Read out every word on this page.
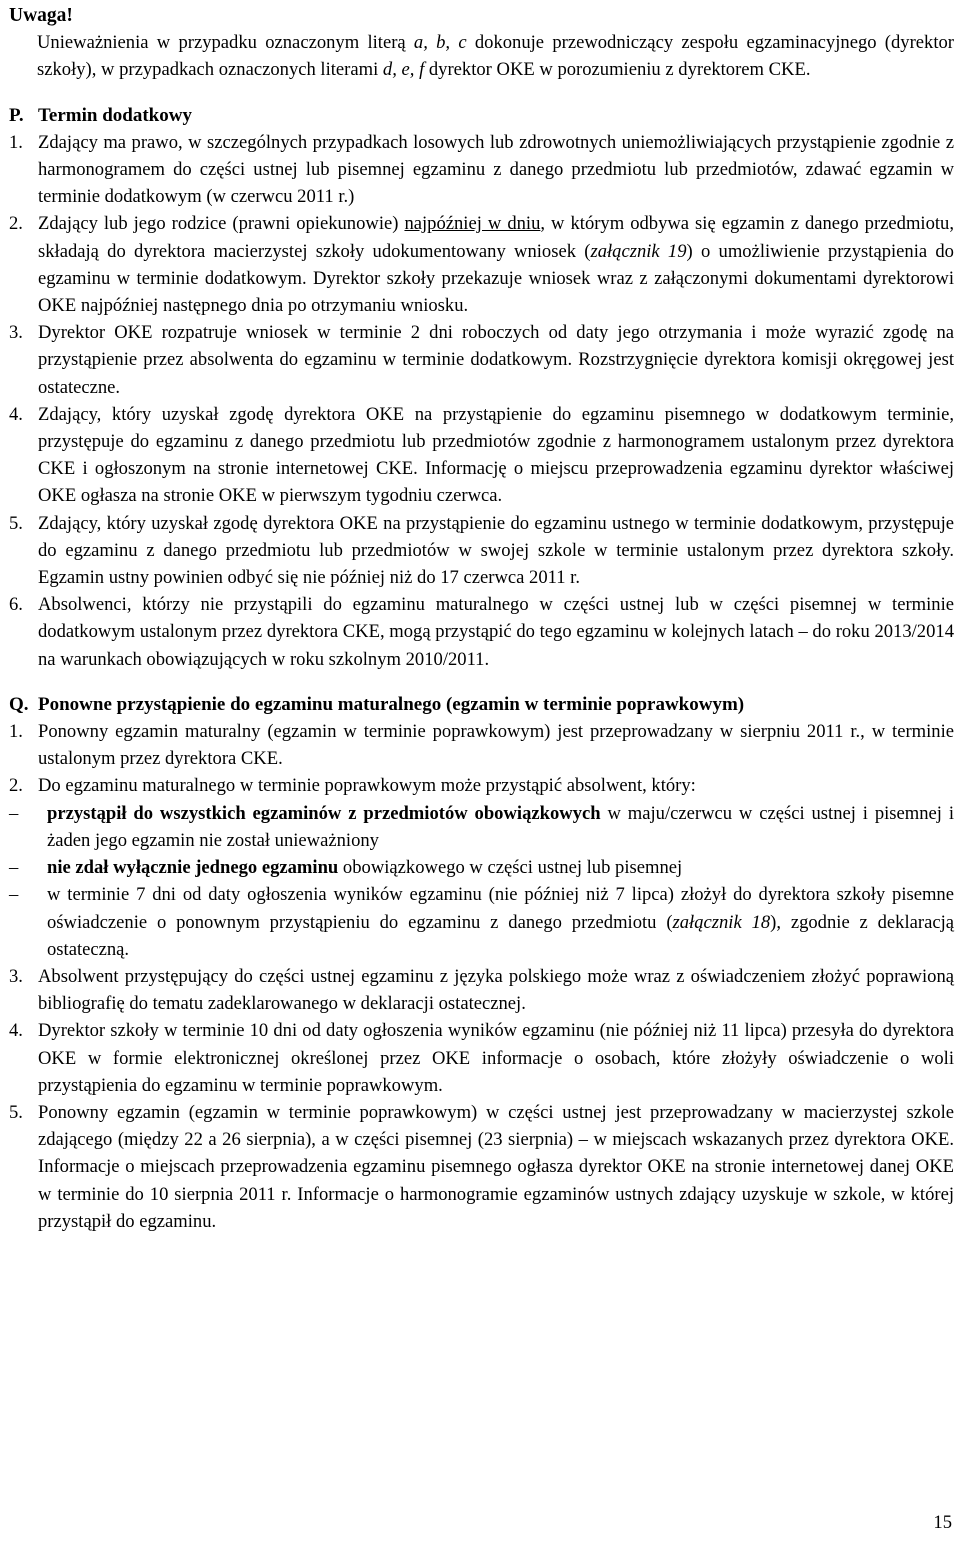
Uwaga!
Unieważnienia w przypadku oznaczonym literą a, b, c dokonuje przewodniczący zespołu egzaminacyjnego (dyrektor szkoły), w przypadkach oznaczonych literami d, e, f dyrektor OKE w porozumieniu z dyrektorem CKE.
P. Termin dodatkowy
1. Zdający ma prawo, w szczególnych przypadkach losowych lub zdrowotnych uniemożliwiających przystąpienie zgodnie z harmonogramem do części ustnej lub pisemnej egzaminu z danego przedmiotu lub przedmiotów, zdawać egzamin w terminie dodatkowym (w czerwcu 2011 r.)
2. Zdający lub jego rodzice (prawni opiekunowie) najpóźniej w dniu, w którym odbywa się egzamin z danego przedmiotu, składają do dyrektora macierzystej szkoły udokumentowany wniosek (załącznik 19) o umożliwienie przystąpienia do egzaminu w terminie dodatkowym. Dyrektor szkoły przekazuje wniosek wraz z załączonymi dokumentami dyrektorowi OKE najpóźniej następnego dnia po otrzymaniu wniosku.
3. Dyrektor OKE rozpatruje wniosek w terminie 2 dni roboczych od daty jego otrzymania i może wyrazić zgodę na przystąpienie przez absolwenta do egzaminu w terminie dodatkowym. Rozstrzygnięcie dyrektora komisji okręgowej jest ostateczne.
4. Zdający, który uzyskał zgodę dyrektora OKE na przystąpienie do egzaminu pisemnego w dodatkowym terminie, przystępuje do egzaminu z danego przedmiotu lub przedmiotów zgodnie z harmonogramem ustalonym przez dyrektora CKE i ogłoszonym na stronie internetowej CKE. Informację o miejscu przeprowadzenia egzaminu dyrektor właściwej OKE ogłasza na stronie OKE w pierwszym tygodniu czerwca.
5. Zdający, który uzyskał zgodę dyrektora OKE na przystąpienie do egzaminu ustnego w terminie dodatkowym, przystępuje do egzaminu z danego przedmiotu lub przedmiotów w swojej szkole w terminie ustalonym przez dyrektora szkoły. Egzamin ustny powinien odbyć się nie później niż do 17 czerwca 2011 r.
6. Absolwenci, którzy nie przystąpili do egzaminu maturalnego w części ustnej lub w części pisemnej w terminie dodatkowym ustalonym przez dyrektora CKE, mogą przystąpić do tego egzaminu w kolejnych latach – do roku 2013/2014 na warunkach obowiązujących w roku szkolnym 2010/2011.
Q. Ponowne przystąpienie do egzaminu maturalnego (egzamin w terminie poprawkowym)
1. Ponowny egzamin maturalny (egzamin w terminie poprawkowym) jest przeprowadzany w sierpniu 2011 r., w terminie ustalonym przez dyrektora CKE.
2. Do egzaminu maturalnego w terminie poprawkowym może przystąpić absolwent, który:
–	przystąpił do wszystkich egzaminów z przedmiotów obowiązkowych w maju/czerwcu w części ustnej i pisemnej i żaden jego egzamin nie został unieważniony
–	nie zdał wyłącznie jednego egzaminu obowiązkowego w części ustnej lub pisemnej
–	w terminie 7 dni od daty ogłoszenia wyników egzaminu (nie później niż 7 lipca) złożył do dyrektora szkoły pisemne oświadczenie o ponownym przystąpieniu do egzaminu z danego przedmiotu (załącznik 18), zgodnie z deklaracją ostateczną.
3. Absolwent przystępujący do części ustnej egzaminu z języka polskiego może wraz z oświadczeniem złożyć poprawioną bibliografię do tematu zadeklarowanego w deklaracji ostatecznej.
4. Dyrektor szkoły w terminie 10 dni od daty ogłoszenia wyników egzaminu (nie później niż 11 lipca) przesyła do dyrektora OKE w formie elektronicznej określonej przez OKE informacje o osobach, które złożyły oświadczenie o woli przystąpienia do egzaminu w terminie poprawkowym.
5. Ponowny egzamin (egzamin w terminie poprawkowym) w części ustnej jest przeprowadzany w macierzystej szkole zdającego (między 22 a 26 sierpnia), a w części pisemnej (23 sierpnia) – w miejscach wskazanych przez dyrektora OKE. Informacje o miejscach przeprowadzenia egzaminu pisemnego ogłasza dyrektor OKE na stronie internetowej danej OKE w terminie do 10 sierpnia 2011 r. Informacje o harmonogramie egzaminów ustnych zdający uzyskuje w szkole, w której przystąpił do egzaminu.
15
